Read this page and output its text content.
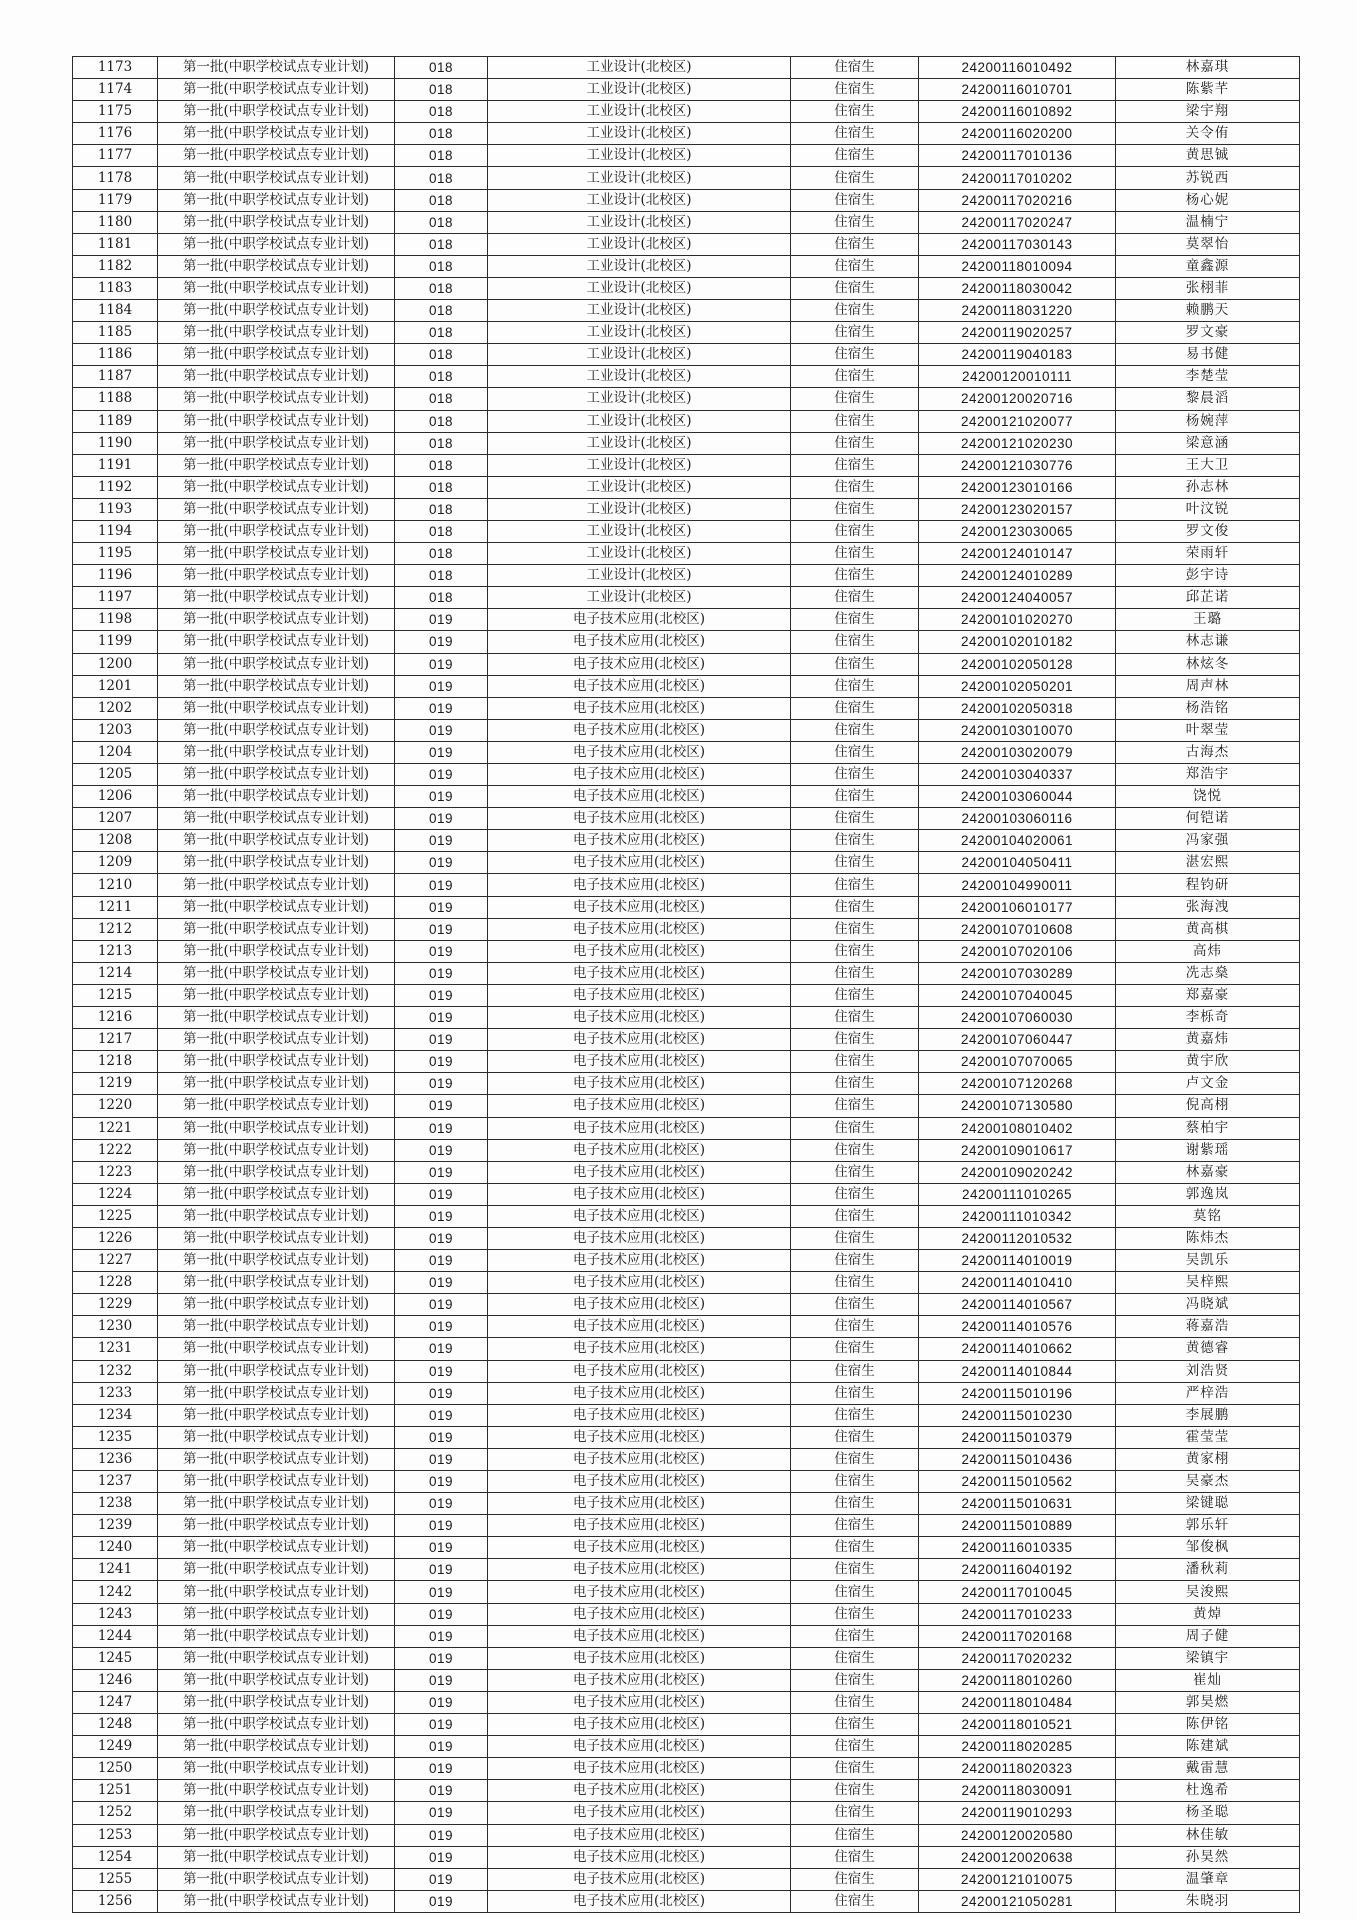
1173	第一批(中职学校试点专业计划)	018	工业设计(北校区)	住宿生	24200116010492	林嘉琪
1174	第一批(中职学校试点专业计划)	018	工业设计(北校区)	住宿生	24200116010701	陈紫芊
1175	第一批(中职学校试点专业计划)	018	工业设计(北校区)	住宿生	24200116010892	梁宇翔
1176	第一批(中职学校试点专业计划)	018	工业设计(北校区)	住宿生	24200116020200	关令侑
1177	第一批(中职学校试点专业计划)	018	工业设计(北校区)	住宿生	24200117010136	黄思铖
1178	第一批(中职学校试点专业计划)	018	工业设计(北校区)	住宿生	24200117010202	苏锐西
1179	第一批(中职学校试点专业计划)	018	工业设计(北校区)	住宿生	24200117020216	杨心妮
1180	第一批(中职学校试点专业计划)	018	工业设计(北校区)	住宿生	24200117020247	温楠宁
1181	第一批(中职学校试点专业计划)	018	工业设计(北校区)	住宿生	24200117030143	莫翠怡
1182	第一批(中职学校试点专业计划)	018	工业设计(北校区)	住宿生	24200118010094	童鑫源
1183	第一批(中职学校试点专业计划)	018	工业设计(北校区)	住宿生	24200118030042	张栩菲
1184	第一批(中职学校试点专业计划)	018	工业设计(北校区)	住宿生	24200118031220	赖鹏天
1185	第一批(中职学校试点专业计划)	018	工业设计(北校区)	住宿生	24200119020257	罗文豪
1186	第一批(中职学校试点专业计划)	018	工业设计(北校区)	住宿生	24200119040183	易书健
1187	第一批(中职学校试点专业计划)	018	工业设计(北校区)	住宿生	24200120010111	李楚莹
1188	第一批(中职学校试点专业计划)	018	工业设计(北校区)	住宿生	24200120020716	黎晨滔
1189	第一批(中职学校试点专业计划)	018	工业设计(北校区)	住宿生	24200121020077	杨婉萍
1190	第一批(中职学校试点专业计划)	018	工业设计(北校区)	住宿生	24200121020230	梁意涵
1191	第一批(中职学校试点专业计划)	018	工业设计(北校区)	住宿生	24200121030776	王大卫
1192	第一批(中职学校试点专业计划)	018	工业设计(北校区)	住宿生	24200123010166	孙志林
1193	第一批(中职学校试点专业计划)	018	工业设计(北校区)	住宿生	24200123020157	叶汶锐
1194	第一批(中职学校试点专业计划)	018	工业设计(北校区)	住宿生	24200123030065	罗文俊
1195	第一批(中职学校试点专业计划)	018	工业设计(北校区)	住宿生	24200124010147	荣雨轩
1196	第一批(中职学校试点专业计划)	018	工业设计(北校区)	住宿生	24200124010289	彭宇诗
1197	第一批(中职学校试点专业计划)	018	工业设计(北校区)	住宿生	24200124040057	邱芷诺
1198	第一批(中职学校试点专业计划)	019	电子技术应用(北校区)	住宿生	24200101020270	王璐
1199	第一批(中职学校试点专业计划)	019	电子技术应用(北校区)	住宿生	24200102010182	林志谦
1200	第一批(中职学校试点专业计划)	019	电子技术应用(北校区)	住宿生	24200102050128	林炫冬
1201	第一批(中职学校试点专业计划)	019	电子技术应用(北校区)	住宿生	24200102050201	周声林
1202	第一批(中职学校试点专业计划)	019	电子技术应用(北校区)	住宿生	24200102050318	杨浩铭
1203	第一批(中职学校试点专业计划)	019	电子技术应用(北校区)	住宿生	24200103010070	叶翠莹
1204	第一批(中职学校试点专业计划)	019	电子技术应用(北校区)	住宿生	24200103020079	古海杰
1205	第一批(中职学校试点专业计划)	019	电子技术应用(北校区)	住宿生	24200103040337	郑浩宇
1206	第一批(中职学校试点专业计划)	019	电子技术应用(北校区)	住宿生	24200103060044	饶悦
1207	第一批(中职学校试点专业计划)	019	电子技术应用(北校区)	住宿生	24200103060116	何铠诺
1208	第一批(中职学校试点专业计划)	019	电子技术应用(北校区)	住宿生	24200104020061	冯家强
1209	第一批(中职学校试点专业计划)	019	电子技术应用(北校区)	住宿生	24200104050411	湛宏熙
1210	第一批(中职学校试点专业计划)	019	电子技术应用(北校区)	住宿生	24200104990011	程钧研
1211	第一批(中职学校试点专业计划)	019	电子技术应用(北校区)	住宿生	24200106010177	张海洩
1212	第一批(中职学校试点专业计划)	019	电子技术应用(北校区)	住宿生	24200107010608	黄高棋
1213	第一批(中职学校试点专业计划)	019	电子技术应用(北校区)	住宿生	24200107020106	高炜
1214	第一批(中职学校试点专业计划)	019	电子技术应用(北校区)	住宿生	24200107030289	冼志燊
1215	第一批(中职学校试点专业计划)	019	电子技术应用(北校区)	住宿生	24200107040045	郑嘉豪
1216	第一批(中职学校试点专业计划)	019	电子技术应用(北校区)	住宿生	24200107060030	李栎奇
1217	第一批(中职学校试点专业计划)	019	电子技术应用(北校区)	住宿生	24200107060447	黄嘉炜
1218	第一批(中职学校试点专业计划)	019	电子技术应用(北校区)	住宿生	24200107070065	黄宇欣
1219	第一批(中职学校试点专业计划)	019	电子技术应用(北校区)	住宿生	24200107120268	卢文金
1220	第一批(中职学校试点专业计划)	019	电子技术应用(北校区)	住宿生	24200107130580	倪高栩
1221	第一批(中职学校试点专业计划)	019	电子技术应用(北校区)	住宿生	24200108010402	蔡柏宇
1222	第一批(中职学校试点专业计划)	019	电子技术应用(北校区)	住宿生	24200109010617	谢紫瑶
1223	第一批(中职学校试点专业计划)	019	电子技术应用(北校区)	住宿生	24200109020242	林嘉豪
1224	第一批(中职学校试点专业计划)	019	电子技术应用(北校区)	住宿生	24200111010265	郭逸岚
1225	第一批(中职学校试点专业计划)	019	电子技术应用(北校区)	住宿生	24200111010342	莫铭
1226	第一批(中职学校试点专业计划)	019	电子技术应用(北校区)	住宿生	24200112010532	陈炜杰
1227	第一批(中职学校试点专业计划)	019	电子技术应用(北校区)	住宿生	24200114010019	吴凯乐
1228	第一批(中职学校试点专业计划)	019	电子技术应用(北校区)	住宿生	24200114010410	吴梓熙
1229	第一批(中职学校试点专业计划)	019	电子技术应用(北校区)	住宿生	24200114010567	冯晓斌
1230	第一批(中职学校试点专业计划)	019	电子技术应用(北校区)	住宿生	24200114010576	蒋嘉浩
1231	第一批(中职学校试点专业计划)	019	电子技术应用(北校区)	住宿生	24200114010662	黄德睿
1232	第一批(中职学校试点专业计划)	019	电子技术应用(北校区)	住宿生	24200114010844	刘浩贤
1233	第一批(中职学校试点专业计划)	019	电子技术应用(北校区)	住宿生	24200115010196	严梓浩
1234	第一批(中职学校试点专业计划)	019	电子技术应用(北校区)	住宿生	24200115010230	李展鹏
1235	第一批(中职学校试点专业计划)	019	电子技术应用(北校区)	住宿生	24200115010379	霍莹莹
1236	第一批(中职学校试点专业计划)	019	电子技术应用(北校区)	住宿生	24200115010436	黄家栩
1237	第一批(中职学校试点专业计划)	019	电子技术应用(北校区)	住宿生	24200115010562	吴豪杰
1238	第一批(中职学校试点专业计划)	019	电子技术应用(北校区)	住宿生	24200115010631	梁键聪
1239	第一批(中职学校试点专业计划)	019	电子技术应用(北校区)	住宿生	24200115010889	郭乐轩
1240	第一批(中职学校试点专业计划)	019	电子技术应用(北校区)	住宿生	24200116010335	邹俊枫
1241	第一批(中职学校试点专业计划)	019	电子技术应用(北校区)	住宿生	24200116040192	潘秋莉
1242	第一批(中职学校试点专业计划)	019	电子技术应用(北校区)	住宿生	24200117010045	吴浚熙
1243	第一批(中职学校试点专业计划)	019	电子技术应用(北校区)	住宿生	24200117010233	黄焯
1244	第一批(中职学校试点专业计划)	019	电子技术应用(北校区)	住宿生	24200117020168	周子健
1245	第一批(中职学校试点专业计划)	019	电子技术应用(北校区)	住宿生	24200117020232	梁镇宇
1246	第一批(中职学校试点专业计划)	019	电子技术应用(北校区)	住宿生	24200118010260	崔灿
1247	第一批(中职学校试点专业计划)	019	电子技术应用(北校区)	住宿生	24200118010484	郭昊燃
1248	第一批(中职学校试点专业计划)	019	电子技术应用(北校区)	住宿生	24200118010521	陈伊铭
1249	第一批(中职学校试点专业计划)	019	电子技术应用(北校区)	住宿生	24200118020285	陈建斌
1250	第一批(中职学校试点专业计划)	019	电子技术应用(北校区)	住宿生	24200118020323	戴雷慧
1251	第一批(中职学校试点专业计划)	019	电子技术应用(北校区)	住宿生	24200118030091	杜逸希
1252	第一批(中职学校试点专业计划)	019	电子技术应用(北校区)	住宿生	24200119010293	杨圣聪
1253	第一批(中职学校试点专业计划)	019	电子技术应用(北校区)	住宿生	24200120020580	林佳敏
1254	第一批(中职学校试点专业计划)	019	电子技术应用(北校区)	住宿生	24200120020638	孙昊然
1255	第一批(中职学校试点专业计划)	019	电子技术应用(北校区)	住宿生	24200121010075	温肇章
1256	第一批(中职学校试点专业计划)	019	电子技术应用(北校区)	住宿生	24200121050281	朱晓羽
